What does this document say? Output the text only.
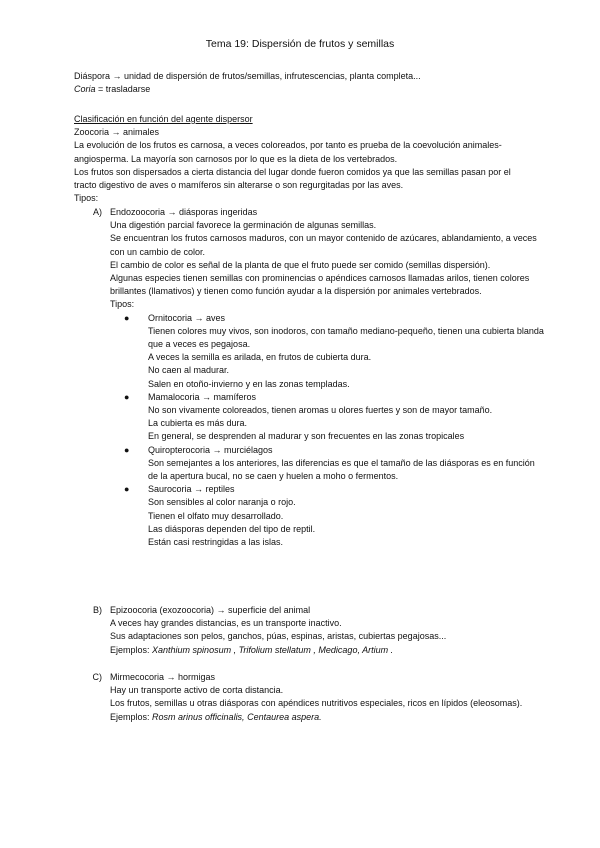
Tema 19: Dispersión de frutos y semillas

Diáspora → unidad de dispersión de frutos/semillas, infrutescencias, planta completa...

Coria = trasladarse

Clasificación en función del agente dispersor

Zoocoria → animales

La evolución de los frutos es carnosa, a veces coloreados, por tanto es prueba de la coevolución animales-angiosperma. La mayoría son carnosos por lo que es la dieta de los vertebrados.

Los frutos son dispersados a cierta distancia del lugar donde fueron comidos ya que las semillas pasan por el tracto digestivo de aves o mamíferos sin alterarse o son regurgitadas por las aves.

Tipos:

A) Endozoocoria → diásporas ingeridas

Una digestión parcial favorece la germinación de algunas semillas.

Se encuentran los frutos carnosos maduros, con un mayor contenido de azúcares, ablandamiento, a veces con un cambio de color.

El cambio de color es señal de la planta de que el fruto puede ser comido (semillas dispersión).

Algunas especies tienen semillas con prominencias o apéndices carnosos llamadas arilos, tienen colores brillantes (llamativos) y tienen como función ayudar a la dispersión por animales vertebrados.

Tipos:

●	Ornitocoria → aves

Tienen colores muy vivos, son inodoros, con tamaño mediano-pequeño, tienen una cubierta blanda que a veces es pegajosa.

A veces la semilla es arilada, en frutos de cubierta dura.

No caen al madurar.

Salen en otoño-invierno y en las zonas templadas.

●	Mamalocoria → mamíferos

No son vivamente coloreados, tienen aromas u olores fuertes y son de mayor tamaño.

La cubierta es más dura.

En general, se desprenden al madurar y son frecuentes en las zonas tropicales

●	Quiropterocoria → murciélagos

Son semejantes a los anteriores, las diferencias es que el tamaño de las diásporas es en función de la apertura bucal, no se caen y huelen a moho o fermentos.

●	Saurocoria → reptiles

Son sensibles al color naranja o rojo.

Tienen el olfato muy desarrollado.

Las diásporas dependen del tipo de reptil.

Están casi restringidas a las islas.

B) Epizoocoria (exozoocoria) → superficie del animal

A veces hay grandes distancias, es un transporte inactivo.

Sus adaptaciones son pelos, ganchos, púas, espinas, aristas, cubiertas pegajosas...

Ejemplos: Xanthium spinosum , Trifolium stellatum , Medicago, Artium .

C) Mirmecocoria → hormigas

Hay un transporte activo de corta distancia.

Los frutos, semillas u otras diásporas con apéndices nutritivos especiales, ricos en lípidos (eleosomas).

Ejemplos: Rosm arinus officinalis, Centaurea aspera.
